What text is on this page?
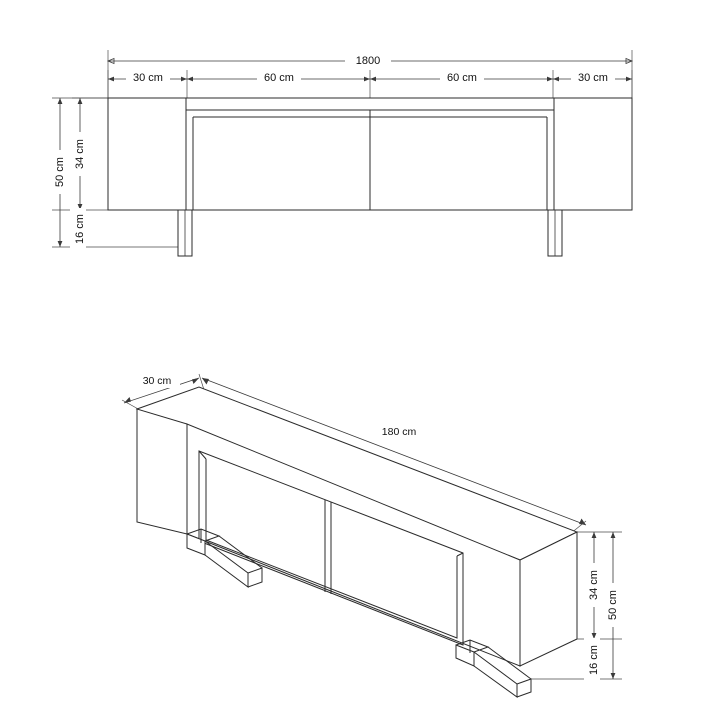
1800
30 cm	60 cm	60 cm	30 cm
50 cm
34 cm
16 cm
30 cm
180 cm
50 cm
34 cm
16 cm
